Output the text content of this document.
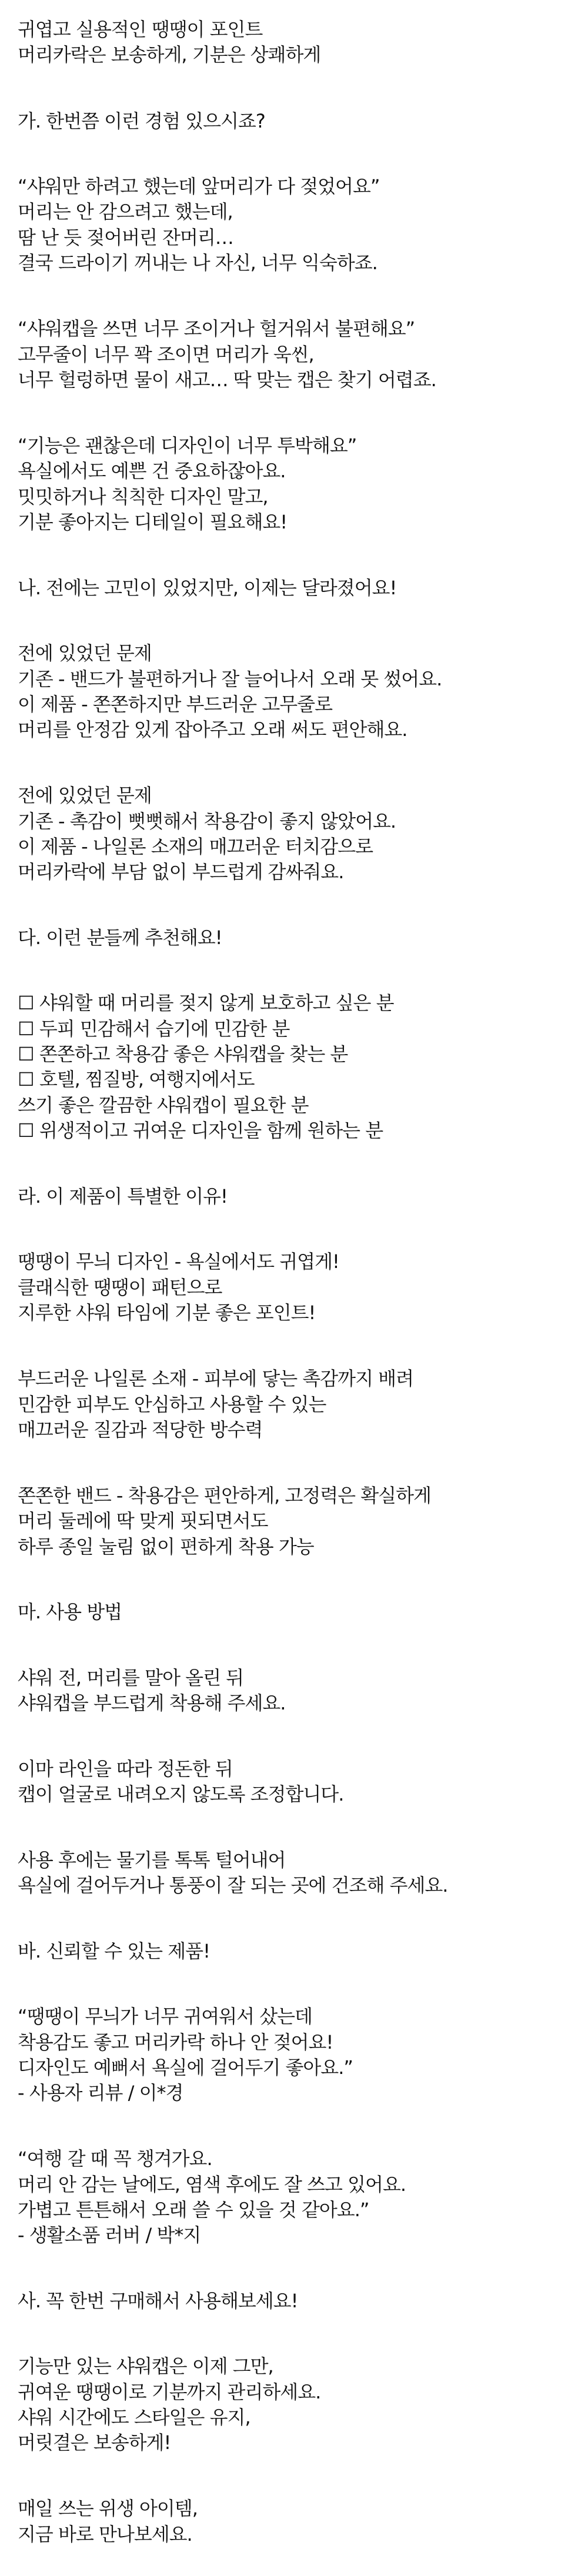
귀엽고 실용적인 땡땡이 포인트
머리카락은 보송하게, 기분은 상쾌하게
가. 한번쯤 이런 경험 있으시죠?
“샤워만 하려고 했는데 앞머리가 다 젖었어요”
머리는 안 감으려고 했는데,
땀 난 듯 젖어버린 잔머리…
결국 드라이기 꺼내는 나 자신, 너무 익숙하죠.
“샤워캡을 쓰면 너무 조이거나 헐거워서 불편해요”
고무줄이 너무 꽉 조이면 머리가 욱씬,
너무 헐렁하면 물이 새고… 딱 맞는 캡은 찾기 어렵죠.
“기능은 괜찮은데 디자인이 너무 투박해요”
욕실에서도 예쁜 건 중요하잖아요.
밋밋하거나 칙칙한 디자인 말고,
기분 좋아지는 디테일이 필요해요!
나. 전에는 고민이 있었지만, 이제는 달라졌어요!
전에 있었던 문제
기존 - 밴드가 불편하거나 잘 늘어나서 오래 못 썼어요.
이 제품 - 쫀쫀하지만 부드러운 고무줄로
머리를 안정감 있게 잡아주고 오래 써도 편안해요.
전에 있었던 문제
기존 - 촉감이 뻣뻣해서 착용감이 좋지 않았어요.
이 제품 - 나일론 소재의 매끄러운 터치감으로
머리카락에 부담 없이 부드럽게 감싸줘요.
다. 이런 분들께 추천해요!
☐ 샤워할 때 머리를 젖지 않게 보호하고 싶은 분
☐ 두피 민감해서 습기에 민감한 분
☐ 쫀쫀하고 착용감 좋은 샤워캡을 찾는 분
☐ 호텔, 찜질방, 여행지에서도
쓰기 좋은 깔끔한 샤워캡이 필요한 분
☐ 위생적이고 귀여운 디자인을 함께 원하는 분
라. 이 제품이 특별한 이유!
땡땡이 무늬 디자인 - 욕실에서도 귀엽게!
클래식한 땡땡이 패턴으로
지루한 샤워 타임에 기분 좋은 포인트!
부드러운 나일론 소재 - 피부에 닿는 촉감까지 배려
민감한 피부도 안심하고 사용할 수 있는
매끄러운 질감과 적당한 방수력
쫀쫀한 밴드 - 착용감은 편안하게, 고정력은 확실하게
머리 둘레에 딱 맞게 핏되면서도
하루 종일 눌림 없이 편하게 착용 가능
마. 사용 방법
샤워 전, 머리를 말아 올린 뒤
샤워캡을 부드럽게 착용해 주세요.
이마 라인을 따라 정돈한 뒤
캡이 얼굴로 내려오지 않도록 조정합니다.
사용 후에는 물기를 톡톡 털어내어
욕실에 걸어두거나 통풍이 잘 되는 곳에 건조해 주세요.
바. 신뢰할 수 있는 제품!
“땡땡이 무늬가 너무 귀여워서 샀는데
착용감도 좋고 머리카락 하나 안 젖어요!
디자인도 예뻐서 욕실에 걸어두기 좋아요.”
- 사용자 리뷰 / 이*경
“여행 갈 때 꼭 챙겨가요.
머리 안 감는 날에도, 염색 후에도 잘 쓰고 있어요.
가볍고 튼튼해서 오래 쓸 수 있을 것 같아요.”
- 생활소품 러버 / 박*지
사. 꼭 한번 구매해서 사용해보세요!
기능만 있는 샤워캡은 이제 그만,
귀여운 땡땡이로 기분까지 관리하세요.
샤워 시간에도 스타일은 유지,
머릿결은 보송하게!
매일 쓰는 위생 아이템,
지금 바로 만나보세요.
